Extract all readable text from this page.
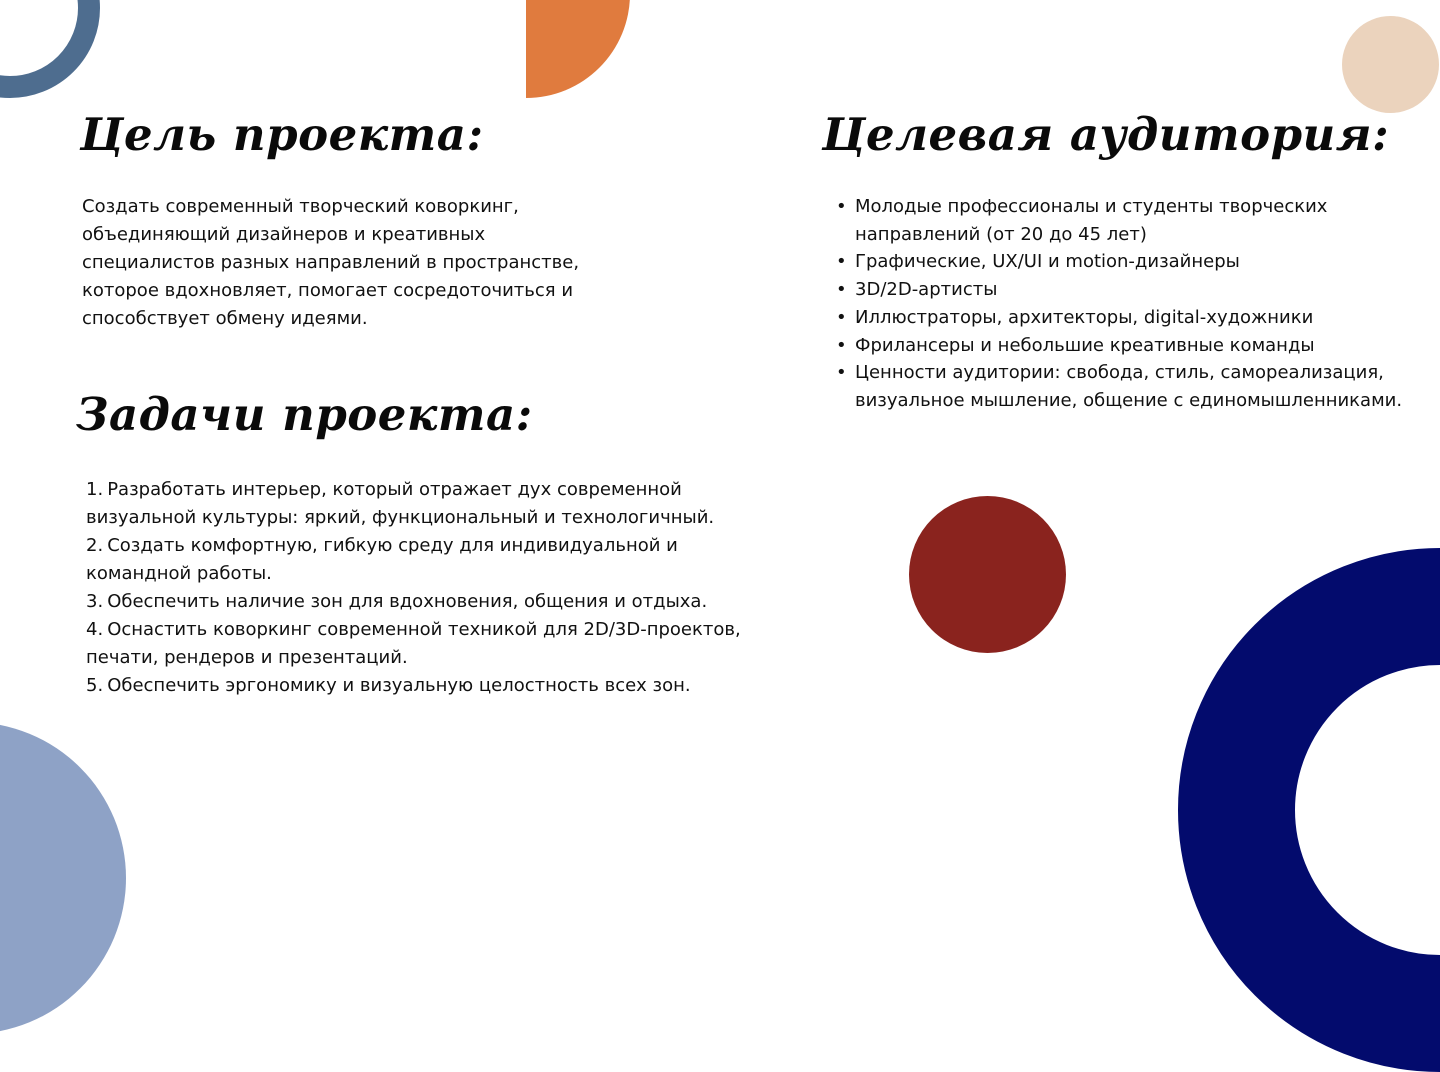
Цель проекта:

Создать современный творческий коворкинг, объединяющий дизайнеров и креативных специалистов разных направлений в пространстве, которое вдохновляет, помогает сосредоточиться и способствует обмену идеями.

Задачи проекта:
1. Разработать интерьер, который отражает дух современной визуальной культуры: яркий, функциональный и технологичный.
2. Создать комфортную, гибкую среду для индивидуальной и командной работы.
3. Обеспечить наличие зон для вдохновения, общения и отдыха.
4. Оснастить коворкинг современной техникой для 2D/3D-проектов, печати, рендеров и презентаций.
5. Обеспечить эргономику и визуальную целостность всех зон.
Целевая аудитория:
• Молодые профессионалы и студенты творческих направлений (от 20 до 45 лет)
• Графические, UX/UI и motion-дизайнеры
• 3D/2D-артисты
• Иллюстраторы, архитекторы, digital-художники
• Фрилансеры и небольшие креативные команды
• Ценности аудитории: свобода, стиль, самореализация, визуальное мышление, общение с единомышленниками.
